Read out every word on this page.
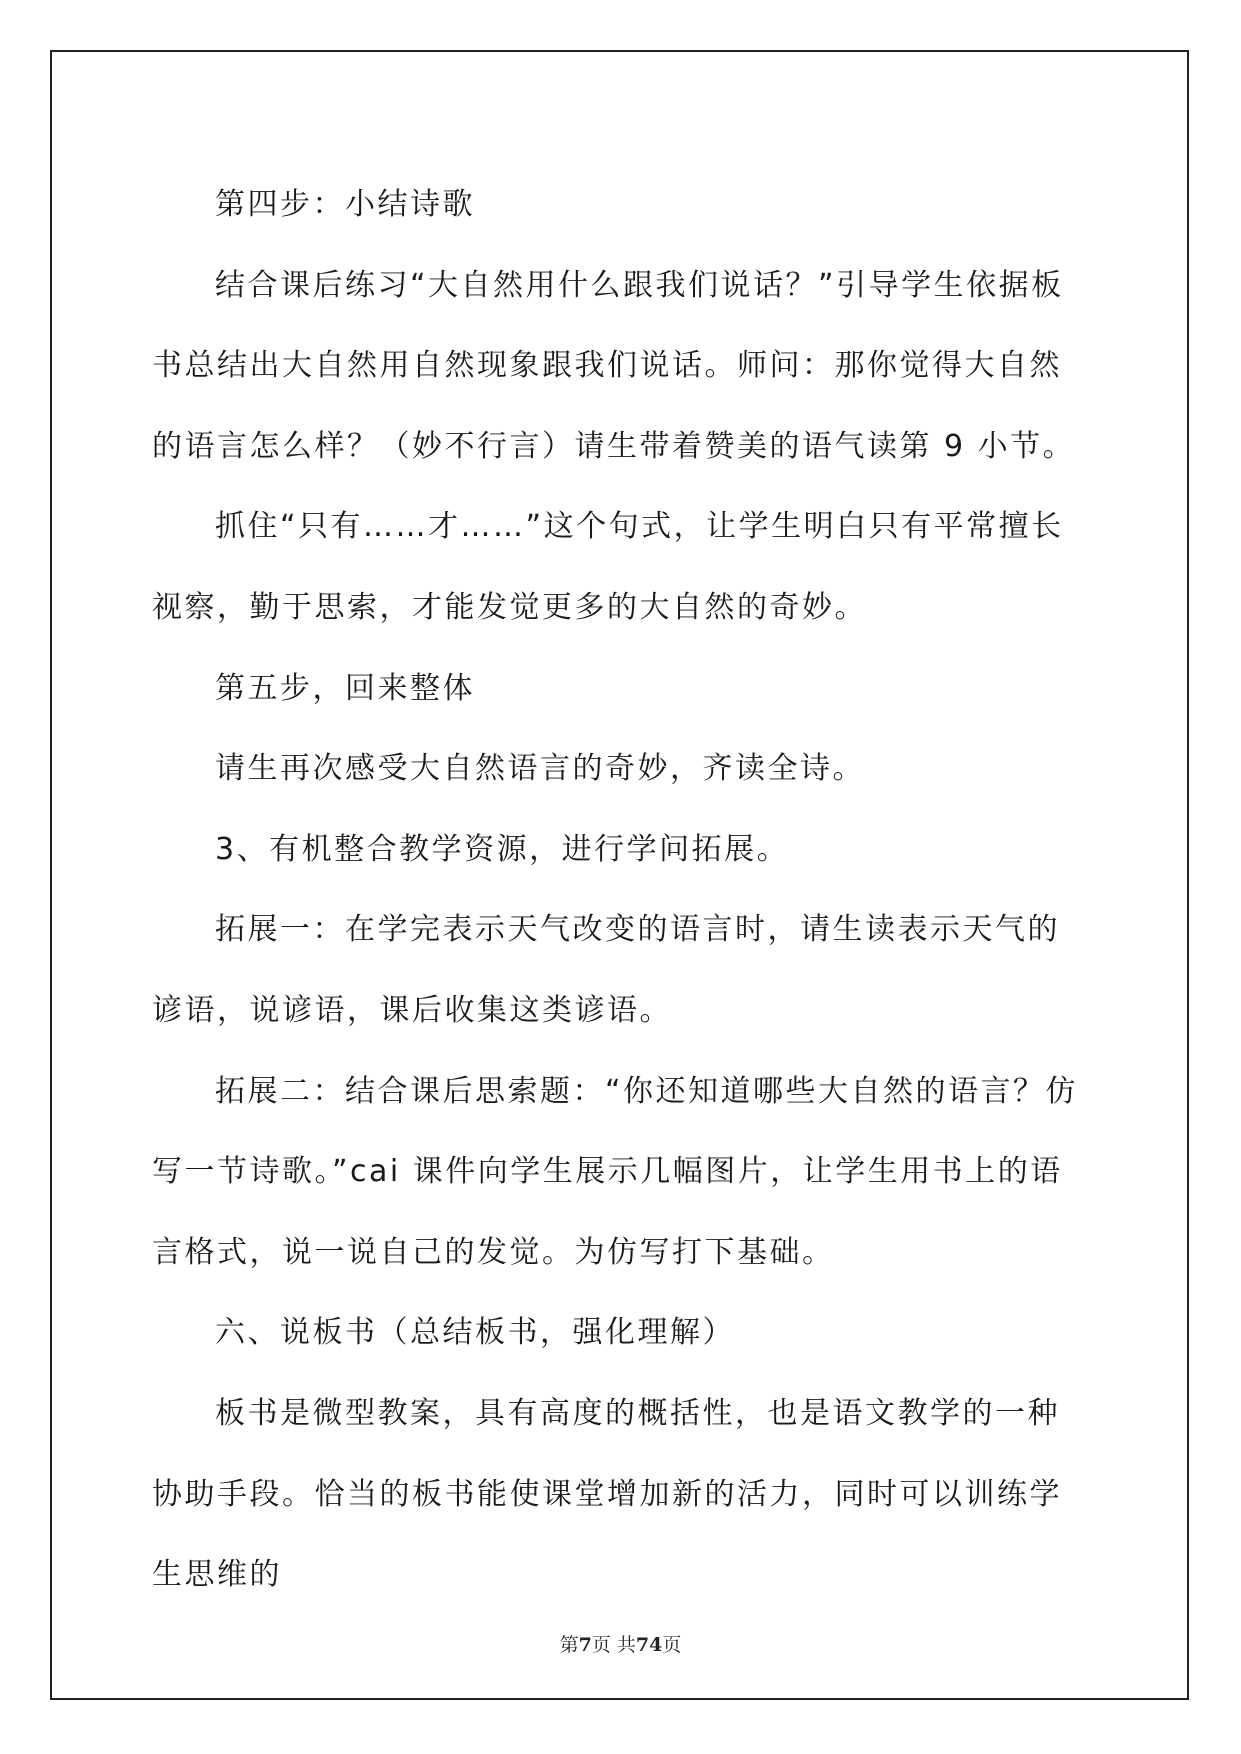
第四步：小结诗歌

结合课后练习“大自然用什么跟我们说话？”引导学生依据板书总结出大自然用自然现象跟我们说话。师问：那你觉得大自然的语言怎么样？（妙不行言）请生带着赞美的语气读第 9 小节。

抓住“只有……才……”这个句式，让学生明白只有平常擅长视察，勤于思索，才能发觉更多的大自然的奇妙。

第五步，回来整体

请生再次感受大自然语言的奇妙，齐读全诗。

3、有机整合教学资源，进行学问拓展。

拓展一：在学完表示天气改变的语言时，请生读表示天气的谚语，说谚语，课后收集这类谚语。

拓展二：结合课后思索题：“你还知道哪些大自然的语言？仿写一节诗歌。”cai 课件向学生展示几幅图片，让学生用书上的语言格式，说一说自己的发觉。为仿写打下基础。

六、说板书（总结板书，强化理解）

板书是微型教案，具有高度的概括性，也是语文教学的一种协助手段。恰当的板书能使课堂增加新的活力，同时可以训练学生思维的

第7页 共74页
